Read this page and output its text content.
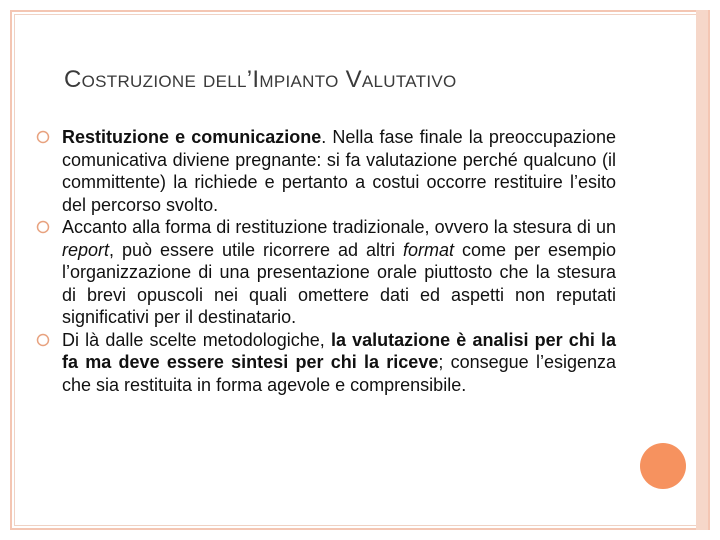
Costruzione dell’Impianto Valutativo

Restituzione e comunicazione. Nella fase finale la preoccupazione comunicativa diviene pregnante: si fa valutazione perché qualcuno (il committente) la richiede e pertanto a costui occorre restituire l’esito del percorso svolto.

Accanto alla forma di restituzione tradizionale, ovvero la stesura di un report, può essere utile ricorrere ad altri format come per esempio l’organizzazione di una presentazione orale piuttosto che la stesura di brevi opuscoli nei quali omettere dati ed aspetti non reputati significativi per il destinatario.

Di là dalle scelte metodologiche, la valutazione è analisi per chi la fa ma deve essere sintesi per chi la riceve; consegue l’esigenza che sia restituita in forma agevole e comprensibile.
